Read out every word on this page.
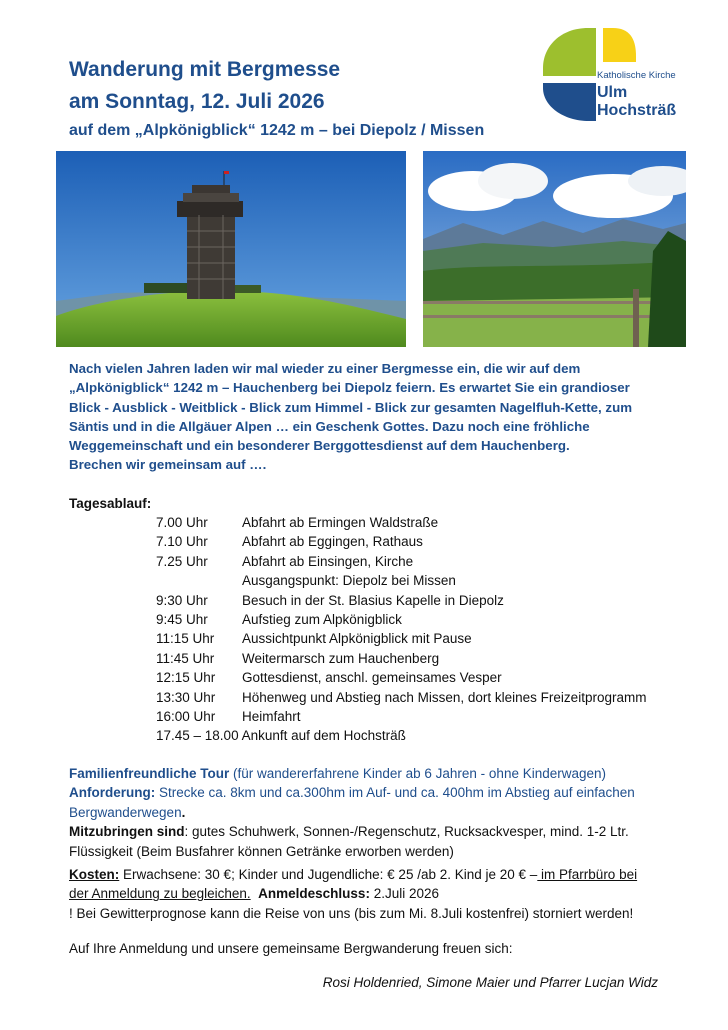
Wanderung mit Bergmesse
am Sonntag, 12. Juli 2026
auf dem „Alpkönigblick“ 1242 m – bei Diepolz / Missen
Katholische Kirche
Ulm
Hochsträß
Nach vielen Jahren laden wir mal wieder zu einer Bergmesse ein, die wir auf dem
„Alpkönigblick“ 1242 m – Hauchenberg bei Diepolz feiern. Es erwartet Sie ein grandioser
Blick - Ausblick - Weitblick - Blick zum Himmel - Blick zur gesamten Nagelfluh-Kette, zum
Säntis und in die Allgäuer Alpen … ein Geschenk Gottes. Dazu noch eine fröhliche
Weggemeinschaft und ein besonderer Berggottesdienst auf dem Hauchenberg.
Brechen wir gemeinsam auf ….
Tagesablauf:
7.00 Uhr	Abfahrt ab Ermingen Waldstraße
7.10 Uhr	Abfahrt ab Eggingen, Rathaus
7.25 Uhr	Abfahrt ab Einsingen, Kirche
Ausgangspunkt: Diepolz bei Missen
9:30 Uhr	Besuch in der St. Blasius Kapelle in Diepolz
9:45 Uhr	Aufstieg zum Alpkönigblick
11:15 Uhr	Aussichtpunkt Alpkönigblick mit Pause
11:45 Uhr	Weitermarsch zum Hauchenberg
12:15 Uhr	Gottesdienst, anschl. gemeinsames Vesper
13:30 Uhr	Höhenweg und Abstieg nach Missen, dort kleines Freizeitprogramm
16:00 Uhr	Heimfahrt
17.45 – 18.00 Ankunft auf dem Hochsträß
Familienfreundliche Tour (für wandererfahrene Kinder ab 6 Jahren - ohne Kinderwagen)
Anforderung: Strecke ca. 8km und ca.300hm im Auf- und ca. 400hm im Abstieg auf einfachen
Bergwanderwegen.
Mitzubringen sind: gutes Schuhwerk, Sonnen-/Regenschutz, Rucksackvesper, mind. 1-2 Ltr.
Flüssigkeit (Beim Busfahrer können Getränke erworben werden)
Kosten: Erwachsene: 30 €; Kinder und Jugendliche: € 25 /ab 2. Kind je 20 € – im Pfarrbüro bei
der Anmeldung zu begleichen. Anmeldeschluss: 2.Juli 2026
! Bei Gewitterprognose kann die Reise von uns (bis zum Mi. 8.Juli kostenfrei) storniert werden!
Auf Ihre Anmeldung und unsere gemeinsame Bergwanderung freuen sich:
Rosi Holdenried, Simone Maier und Pfarrer Lucjan Widz
